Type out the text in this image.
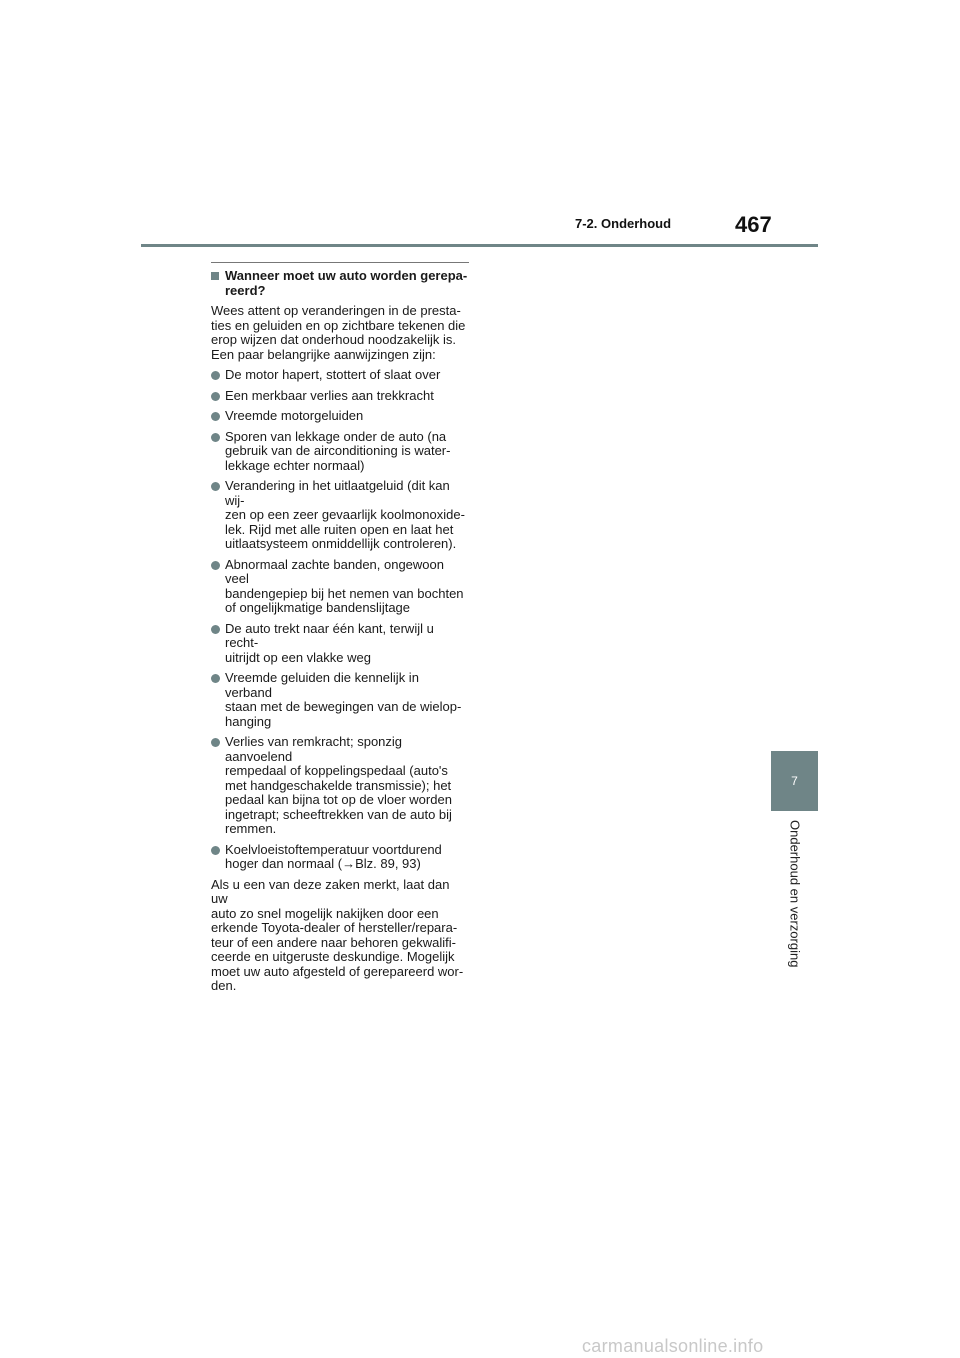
7-2. Onderhoud	467
7
Onderhoud en verzorging
Wanneer moet uw auto worden gerepa-
reerd?

Wees attent op veranderingen in de presta-
ties en geluiden en op zichtbare tekenen die
erop wijzen dat onderhoud noodzakelijk is.
Een paar belangrijke aanwijzingen zijn:

De motor hapert, stottert of slaat over
Een merkbaar verlies aan trekkracht
Vreemde motorgeluiden
Sporen van lekkage onder de auto (na
gebruik van de airconditioning is water-
lekkage echter normaal)
Verandering in het uitlaatgeluid (dit kan wij-
zen op een zeer gevaarlijk koolmonoxide-
lek. Rijd met alle ruiten open en laat het
uitlaatsysteem onmiddellijk controleren).
Abnormaal zachte banden, ongewoon veel
bandengepiep bij het nemen van bochten
of ongelijkmatige bandenslijtage
De auto trekt naar één kant, terwijl u recht-
uitrijdt op een vlakke weg
Vreemde geluiden die kennelijk in verband
staan met de bewegingen van de wielop-
hanging
Verlies van remkracht; sponzig aanvoelend
rempedaal of koppelingspedaal (auto's
met handgeschakelde transmissie); het
pedaal kan bijna tot op de vloer worden
ingetrapt; scheeftrekken van de auto bij
remmen.
Koelvloeistoftemperatuur voortdurend
hoger dan normaal (→Blz. 89, 93)

Als u een van deze zaken merkt, laat dan uw
auto zo snel mogelijk nakijken door een
erkende Toyota-dealer of hersteller/repara-
teur of een andere naar behoren gekwalifi-
ceerde en uitgeruste deskundige. Mogelijk
moet uw auto afgesteld of gerepareerd wor-
den.

carmanualsonline.info
